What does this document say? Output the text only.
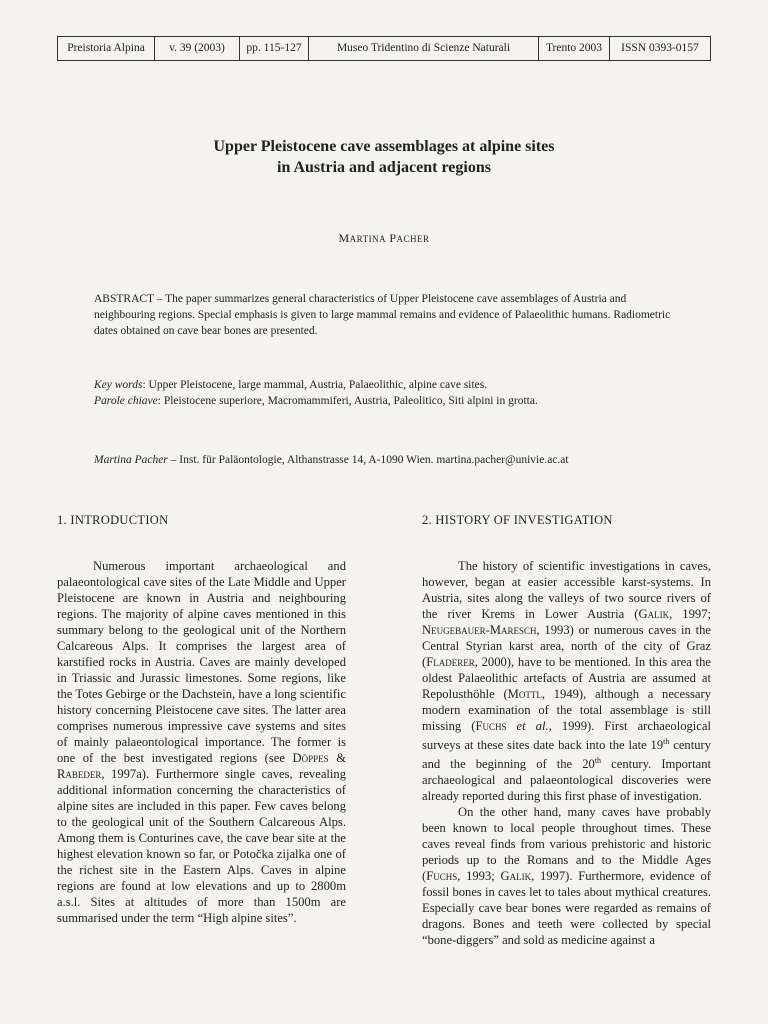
Preistoria Alpina	v. 39 (2003)	pp. 115-127	Museo Tridentino di Scienze Naturali	Trento 2003	ISSN 0393-0157
Upper Pleistocene cave assemblages at alpine sites
in Austria and adjacent regions
MARTINA PACHER

ABSTRACT – The paper summarizes general characteristics of Upper Pleistocene cave assemblages of Austria and neighbouring regions. Special emphasis is given to large mammal remains and evidence of Palaeolithic humans. Radiometric dates obtained on cave bear bones are presented.

Key words: Upper Pleistocene, large mammal, Austria, Palaeolithic, alpine cave sites.

Parole chiave: Pleistocene superiore, Macromammiferi, Austria, Paleolitico, Siti alpini in grotta.

Martina Pacher – Inst. für Paläontologie, Althanstrasse 14, A-1090 Wien. martina.pacher@univie.ac.at

1. INTRODUCTION

Numerous important archaeological and palaeontological cave sites of the Late Middle and Upper Pleistocene are known in Austria and neighbouring regions. The majority of alpine caves mentioned in this summary belong to the geological unit of the Northern Calcareous Alps. It comprises the largest area of karstified rocks in Austria. Caves are mainly developed in Triassic and Jurassic limestones. Some regions, like the Totes Gebirge or the Dachstein, have a long scientific history concerning Pleistocene cave sites. The latter area comprises numerous impressive cave systems and sites of mainly palaeontological importance. The former is one of the best investigated regions (see Döppes & Rabeder, 1997a). Furthermore single caves, revealing additional information concerning the characteristics of alpine sites are included in this paper. Few caves belong to the geological unit of the Southern Calcareous Alps. Among them is Conturines cave, the cave bear site at the highest elevation known so far, or Potočka zijalka one of the richest site in the Eastern Alps. Caves in alpine regions are found at low elevations and up to 2800m a.s.l. Sites at altitudes of more than 1500m are summarised under the term “High alpine sites”.

2. HISTORY OF INVESTIGATION

The history of scientific investigations in caves, however, began at easier accessible karst-systems. In Austria, sites along the valleys of two source rivers of the river Krems in Lower Austria (Galik, 1997; Neugebauer-Maresch, 1993) or numerous caves in the Central Styrian karst area, north of the city of Graz (Fladerer, 2000), have to be mentioned. In this area the oldest Palaeolithic artefacts of Austria are assumed at Repolusthöhle (Mottl, 1949), although a necessary modern examination of the total assemblage is still missing (Fuchs et al., 1999). First archaeological surveys at these sites date back into the late 19th century and the beginning of the 20th century. Important archaeological and palaeontological discoveries were already reported during this first phase of investigation.

On the other hand, many caves have probably been known to local people throughout times. These caves reveal finds from various prehistoric and historic periods up to the Romans and to the Middle Ages (Fuchs, 1993; Galik, 1997). Furthermore, evidence of fossil bones in caves let to tales about mythical creatures. Especially cave bear bones were regarded as remains of dragons. Bones and teeth were collected by special “bone-diggers” and sold as medicine against a
